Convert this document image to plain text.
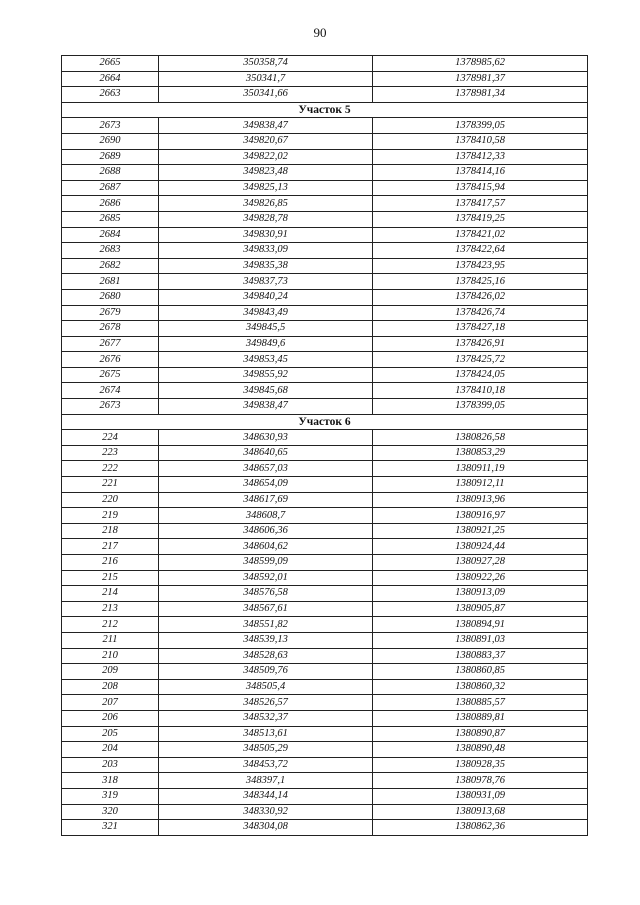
90
2665	350358,74	1378985,62
2664	350341,7	1378981,37
2663	350341,66	1378981,34
Участок 5		
2673	349838,47	1378399,05
2690	349820,67	1378410,58
2689	349822,02	1378412,33
2688	349823,48	1378414,16
2687	349825,13	1378415,94
2686	349826,85	1378417,57
2685	349828,78	1378419,25
2684	349830,91	1378421,02
2683	349833,09	1378422,64
2682	349835,38	1378423,95
2681	349837,73	1378425,16
2680	349840,24	1378426,02
2679	349843,49	1378426,74
2678	349845,5	1378427,18
2677	349849,6	1378426,91
2676	349853,45	1378425,72
2675	349855,92	1378424,05
2674	349845,68	1378410,18
2673	349838,47	1378399,05
Участок 6		
224	348630,93	1380826,58
223	348640,65	1380853,29
222	348657,03	1380911,19
221	348654,09	1380912,11
220	348617,69	1380913,96
219	348608,7	1380916,97
218	348606,36	1380921,25
217	348604,62	1380924,44
216	348599,09	1380927,28
215	348592,01	1380922,26
214	348576,58	1380913,09
213	348567,61	1380905,87
212	348551,82	1380894,91
211	348539,13	1380891,03
210	348528,63	1380883,37
209	348509,76	1380860,85
208	348505,4	1380860,32
207	348526,57	1380885,57
206	348532,37	1380889,81
205	348513,61	1380890,87
204	348505,29	1380890,48
203	348453,72	1380928,35
318	348397,1	1380978,76
319	348344,14	1380931,09
320	348330,92	1380913,68
321	348304,08	1380862,36
